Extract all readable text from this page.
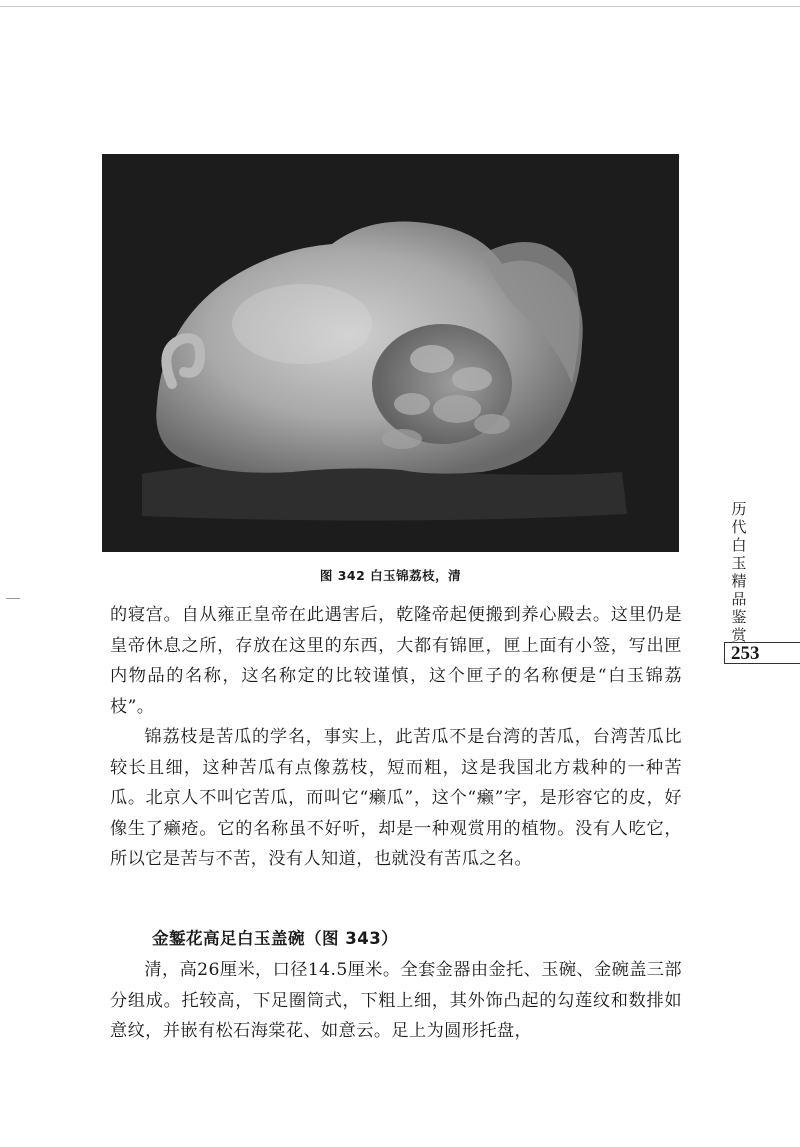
图 342 白玉锦荔枝，清
历
代
白
玉
精
品
鉴
赏
253

的寝宫。自从雍正皇帝在此遇害后，乾隆帝起便搬到养心殿去。这里仍是皇帝休息之所，存放在这里的东西，大都有锦匣，匣上面有小签，写出匣内物品的名称，这名称定的比较谨慎，这个匣子的名称便是“白玉锦荔枝”。

锦荔枝是苦瓜的学名，事实上，此苦瓜不是台湾的苦瓜，台湾苦瓜比较长且细，这种苦瓜有点像荔枝，短而粗，这是我国北方栽种的一种苦瓜。北京人不叫它苦瓜，而叫它“癞瓜”，这个“癞”字，是形容它的皮，好像生了癞疮。它的名称虽不好听，却是一种观赏用的植物。没有人吃它，所以它是苦与不苦，没有人知道，也就没有苦瓜之名。

金錾花高足白玉盖碗（图 343）

清，高26厘米，口径14.5厘米。全套金器由金托、玉碗、金碗盖三部分组成。托较高，下足圈筒式，下粗上细，其外饰凸起的勾莲纹和数排如意纹，并嵌有松石海棠花、如意云。足上为圆形托盘，
